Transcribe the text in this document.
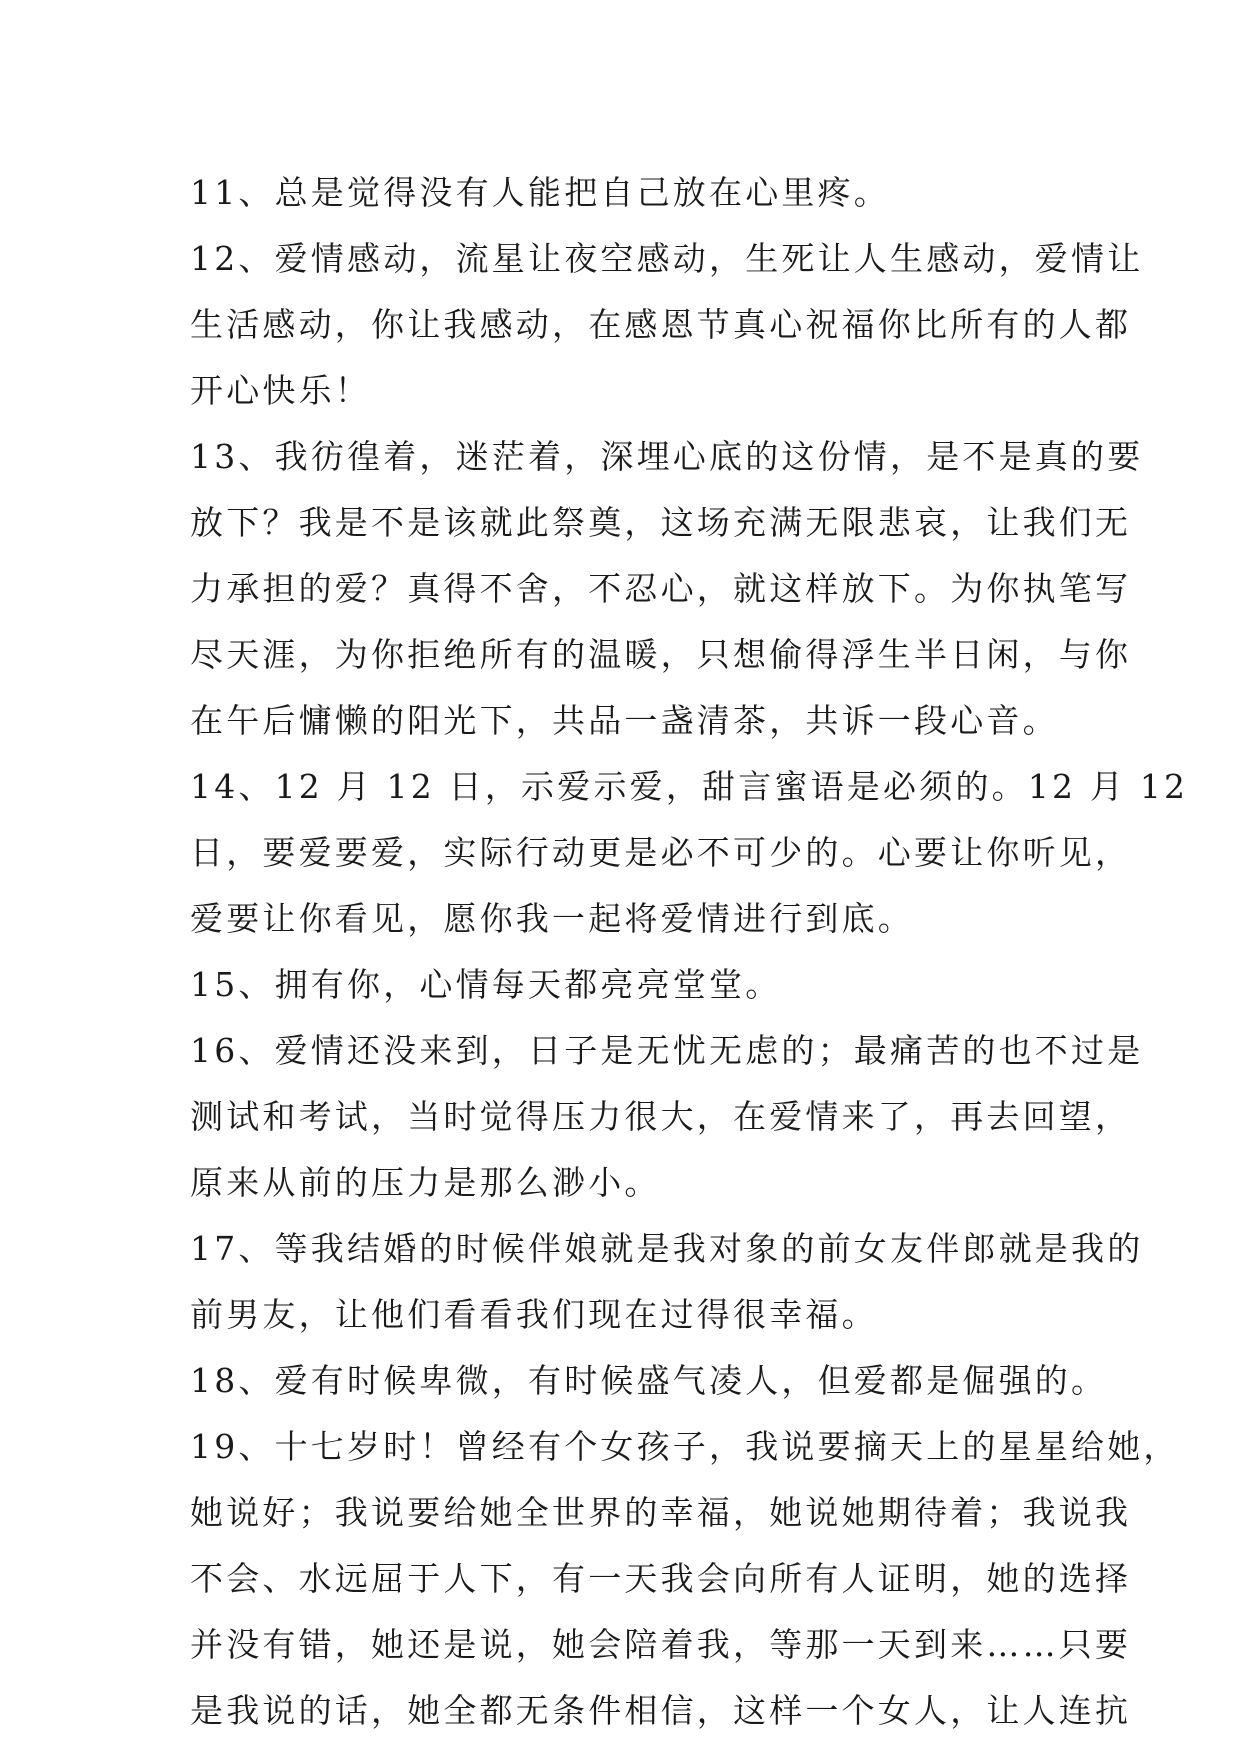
11、总是觉得没有人能把自己放在心里疼。
12、爱情感动，流星让夜空感动，生死让人生感动，爱情让
生活感动，你让我感动，在感恩节真心祝福你比所有的人都
开心快乐！
13、我彷徨着，迷茫着，深埋心底的这份情，是不是真的要
放下？我是不是该就此祭奠，这场充满无限悲哀，让我们无
力承担的爱？真得不舍，不忍心，就这样放下。为你执笔写
尽天涯，为你拒绝所有的温暖，只想偷得浮生半日闲，与你
在午后慵懒的阳光下，共品一盏清茶，共诉一段心音。
14、12 月 12 日，示爱示爱，甜言蜜语是必须的。12 月 12
日，要爱要爱，实际行动更是必不可少的。心要让你听见，
爱要让你看见，愿你我一起将爱情进行到底。
15、拥有你，心情每天都亮亮堂堂。
16、爱情还没来到，日子是无忧无虑的；最痛苦的也不过是
测试和考试，当时觉得压力很大，在爱情来了，再去回望，
原来从前的压力是那么渺小。
17、等我结婚的时候伴娘就是我对象的前女友伴郎就是我的
前男友，让他们看看我们现在过得很幸福。
18、爱有时候卑微，有时候盛气凌人，但爱都是倔强的。
19、十七岁时！曾经有个女孩子，我说要摘天上的星星给她，
她说好；我说要给她全世界的幸福，她说她期待着；我说我
不会、水远屈于人下，有一天我会向所有人证明，她的选择
并没有错，她还是说，她会陪着我，等那一天到来……只要
是我说的话，她全都无条件相信，这样一个女人，让人连抗
